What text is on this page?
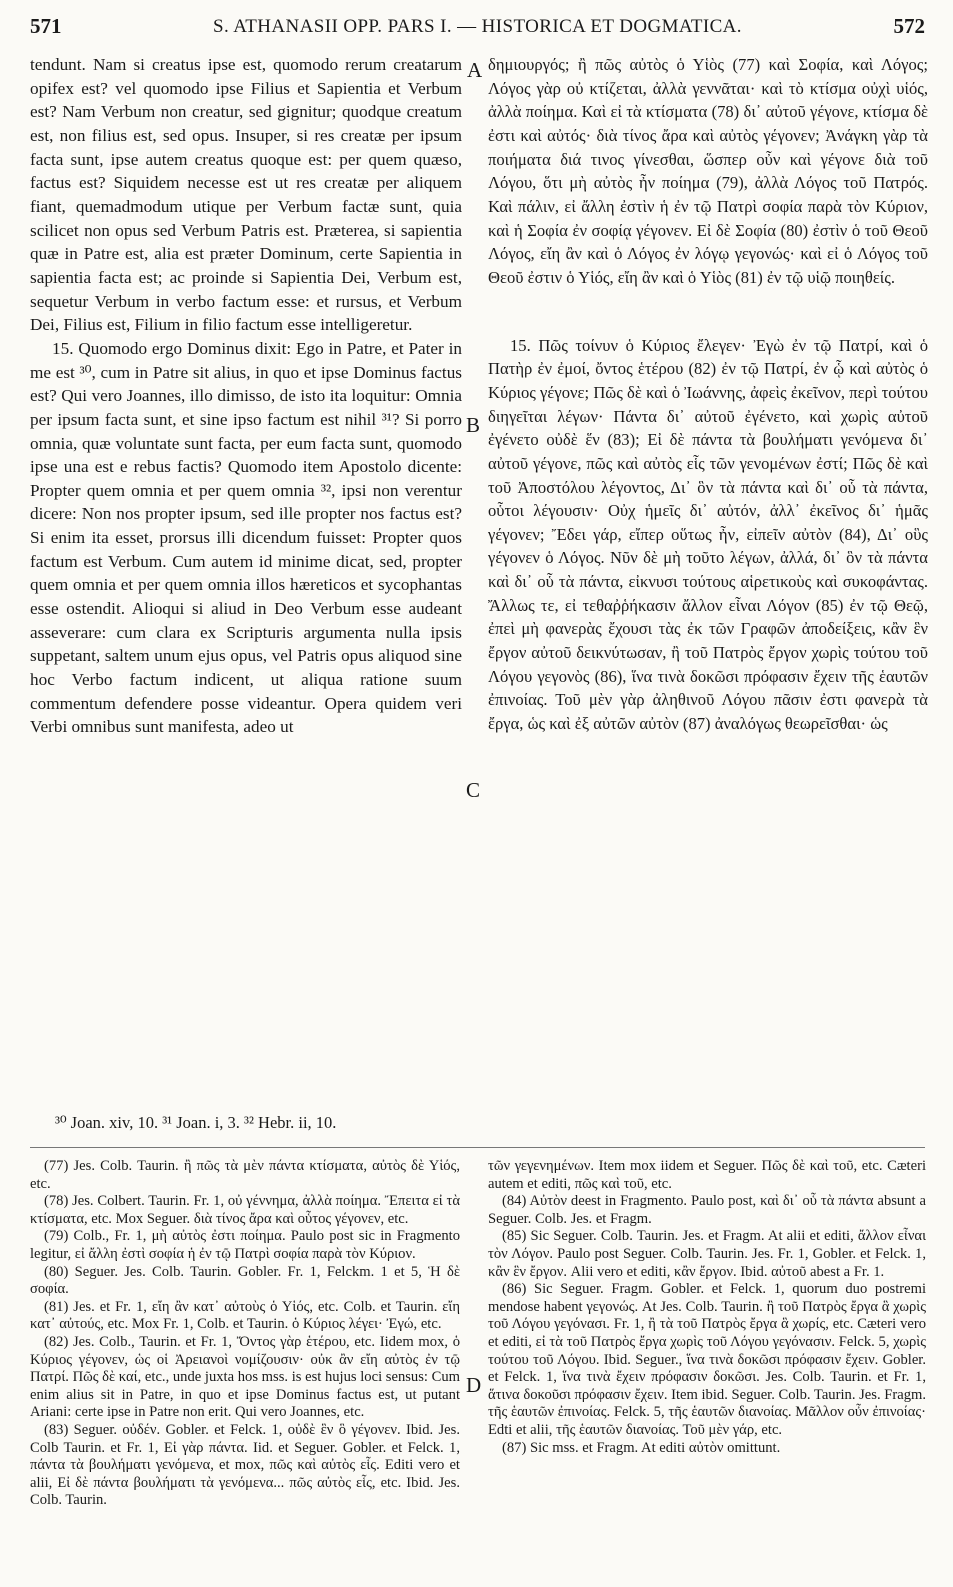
571	S. ATHANASII OPP. PARS I. — HISTORICA ET DOGMATICA.	572

tendunt. Nam si creatus ipse est, quomodo rerum creatarum opifex est? vel quomodo ipse Filius et Sapientia et Verbum est? Nam Verbum non creatur, sed gignitur; quodque creatum est, non filius est, sed opus. Insuper, si res creatæ per ipsum facta sunt, ipse autem creatus quoque est: per quem quæso, factus est? Siquidem necesse est ut res creatæ per aliquem fiant, quemadmodum utique per Verbum factæ sunt, quia scilicet non opus sed Verbum Patris est. Præterea, si sapientia quæ in Patre est, alia est præter Dominum, certe Sapientia in sapientia facta est; ac proinde si Sapientia Dei, Verbum est, sequetur Verbum in verbo factum esse: et rursus, et Verbum Dei, Filius est, Filium in filio factum esse intelligeretur.

15. Quomodo ergo Dominus dixit: Ego in Patre, et Pater in me est ³⁰, cum in Patre sit alius, in quo et ipse Dominus factus est? Qui vero Joannes, illo dimisso, de isto ita loquitur: Omnia per ipsum facta sunt, et sine ipso factum est nihil ³¹? Si porro omnia, quæ voluntate sunt facta, per eum facta sunt, quomodo ipse una est e rebus factis? Quomodo item Apostolo dicente: Propter quem omnia et per quem omnia ³², ipsi non verentur dicere: Non nos propter ipsum, sed ille propter nos factus est? Si enim ita esset, prorsus illi dicendum fuisset: Propter quos factum est Verbum. Cum autem id minime dicat, sed, propter quem omnia et per quem omnia illos hæreticos et sycophantas esse ostendit. Alioqui si aliud in Deo Verbum esse audeant asseverare: cum clara ex Scripturis argumenta nulla ipsis suppetant, saltem unum ejus opus, vel Patris opus aliquod sine hoc Verbo factum indicent, ut aliqua ratione suum commentum defendere posse videantur. Opera quidem veri Verbi omnibus sunt manifesta, adeo ut

δημιουργός; ἢ πῶς αὐτὸς ὁ Υἱὸς (77) καὶ Σοφία, καὶ Λόγος; Λόγος γὰρ οὐ κτίζεται, ἀλλὰ γεννᾶται· καὶ τὸ κτίσμα οὐχὶ υἱός, ἀλλὰ ποίημα. Καὶ εἰ τὰ κτίσματα (78) δι᾽ αὐτοῦ γέγονε, κτίσμα δὲ ἐστι καὶ αὐτός· διὰ τίνος ἄρα καὶ αὐτὸς γέγονεν; Ἀνάγκη γὰρ τὰ ποιήματα διά τινος γίνεσθαι, ὥσπερ οὖν καὶ γέγονε διὰ τοῦ Λόγου, ὅτι μὴ αὐτὸς ἦν ποίημα (79), ἀλλὰ Λόγος τοῦ Πατρός. Καὶ πάλιν, εἰ ἄλλη ἐστὶν ἡ ἐν τῷ Πατρὶ σοφία παρὰ τὸν Κύριον, καὶ ἡ Σοφία ἐν σοφίᾳ γέγονεν. Εἰ δὲ Σοφία (80) ἐστὶν ὁ τοῦ Θεοῦ Λόγος, εἴη ἂν καὶ ὁ Λόγος ἐν λόγῳ γεγονώς· καὶ εἰ ὁ Λόγος τοῦ Θεοῦ ἐστιν ὁ Υἱός, εἴη ἂν καὶ ὁ Υἱὸς (81) ἐν τῷ υἱῷ ποιηθείς.

15. Πῶς τοίνυν ὁ Κύριος ἔλεγεν· Ἐγὼ ἐν τῷ Πατρί, καὶ ὁ Πατὴρ ἐν ἐμοί, ὄντος ἑτέρου (82) ἐν τῷ Πατρί, ἐν ᾧ καὶ αὐτὸς ὁ Κύριος γέγονε; Πῶς δὲ καὶ ὁ Ἰωάννης, ἀφεὶς ἐκεῖνον, περὶ τούτου διηγεῖται λέγων· Πάντα δι᾽ αὐτοῦ ἐγένετο, καὶ χωρὶς αὐτοῦ ἐγένετο οὐδὲ ἕν (83); Εἰ δὲ πάντα τὰ βουλήματι γενόμενα δι᾽ αὐτοῦ γέγονε, πῶς καὶ αὐτὸς εἷς τῶν γενομένων ἐστί; Πῶς δὲ καὶ τοῦ Ἀποστόλου λέγοντος, Δι᾽ ὃν τὰ πάντα καὶ δι᾽ οὗ τὰ πάντα, οὗτοι λέγουσιν· Οὐχ ἡμεῖς δι᾽ αὐτόν, ἀλλ᾽ ἐκεῖνος δι᾽ ἡμᾶς γέγονεν; Ἔδει γάρ, εἴπερ οὕτως ἦν, εἰπεῖν αὐτὸν (84), Δι᾽ οὓς γέγονεν ὁ Λόγος. Νῦν δὲ μὴ τοῦτο λέγων, ἀλλά, δι᾽ ὃν τὰ πάντα καὶ δι᾽ οὗ τὰ πάντα, εἰκνυσι τούτους αἱρετικοὺς καὶ συκοφάντας. Ἄλλως τε, εἰ τεθαῤῥήκασιν ἄλλον εἶναι Λόγον (85) ἐν τῷ Θεῷ, ἐπεὶ μὴ φανερὰς ἔχουσι τὰς ἐκ τῶν Γραφῶν ἀποδείξεις, κἂν ἓν ἔργον αὐτοῦ δεικνύτωσαν, ἢ τοῦ Πατρὸς ἔργον χωρὶς τούτου τοῦ Λόγου γεγονὸς (86), ἵνα τινὰ δοκῶσι πρόφασιν ἔχειν τῆς ἑαυτῶν ἐπινοίας. Τοῦ μὲν γὰρ ἀληθινοῦ Λόγου πᾶσιν ἐστι φανερὰ τὰ ἔργα, ὡς καὶ ἐξ αὐτῶν αὐτὸν (87) ἀναλόγως θεωρεῖσθαι· ὡς

A
B
C
D
³⁰ Joan. xiv, 10. ³¹ Joan. i, 3. ³² Hebr. ii, 10.

(77) Jes. Colb. Taurin. ἢ πῶς τὰ μὲν πάντα κτίσματα, αὐτὸς δὲ Υἱός, etc.

(78) Jes. Colbert. Taurin. Fr. 1, οὐ γέννημα, ἀλλὰ ποίημα. Ἔπειτα εἰ τὰ κτίσματα, etc. Mox Seguer. διὰ τίνος ἄρα καὶ οὗτος γέγονεν, etc.

(79) Colb., Fr. 1, μὴ αὐτὸς ἐστι ποίημα. Paulo post sic in Fragmento legitur, εἰ ἄλλη ἐστὶ σοφία ἡ ἐν τῷ Πατρὶ σοφία παρὰ τὸν Κύριον.

(80) Seguer. Jes. Colb. Taurin. Gobler. Fr. 1, Felckm. 1 et 5, Ἡ δὲ σοφία.

(81) Jes. et Fr. 1, εἴη ἂν κατ᾽ αὐτοὺς ὁ Υἱός, etc. Colb. et Taurin. εἴη κατ᾽ αὐτούς, etc. Mox Fr. 1, Colb. et Taurin. ὁ Κύριος λέγει· Ἐγώ, etc.

(82) Jes. Colb., Taurin. et Fr. 1, Ὄντος γὰρ ἑτέρου, etc. Iidem mox, ὁ Κύριος γέγονεν, ὡς οἱ Ἀρειανοὶ νομίζουσιν· οὐκ ἂν εἴη αὐτὸς ἐν τῷ Πατρί. Πῶς δὲ καί, etc., unde juxta hos mss. is est hujus loci sensus: Cum enim alius sit in Patre, in quo et ipse Dominus factus est, ut putant Ariani: certe ipse in Patre non erit. Qui vero Joannes, etc.

(83) Seguer. οὐδέν. Gobler. et Felck. 1, οὐδὲ ἓν ὃ γέγονεν. Ibid. Jes. Colb Taurin. et Fr. 1, Εἰ γὰρ πάντα. Iid. et Seguer. Gobler. et Felck. 1, πάντα τὰ βουλήματι γενόμενα, et mox, πῶς καὶ αὐτὸς εἷς. Editi vero et alii, Εἰ δὲ πάντα βουλήματι τὰ γενόμενα... πῶς αὐτὸς εἷς, etc. Ibid. Jes. Colb. Taurin.

τῶν γεγενημένων. Item mox iidem et Seguer. Πῶς δὲ καὶ τοῦ, etc. Cæteri autem et editi, πῶς καὶ τοῦ, etc.

(84) Αὐτὸν deest in Fragmento. Paulo post, καὶ δι᾽ οὗ τὰ πάντα absunt a Seguer. Colb. Jes. et Fragm.

(85) Sic Seguer. Colb. Taurin. Jes. et Fragm. At alii et editi, ἄλλον εἶναι τὸν Λόγον. Paulo post Seguer. Colb. Taurin. Jes. Fr. 1, Gobler. et Felck. 1, κἂν ἓν ἔργον. Alii vero et editi, κἂν ἔργον. Ibid. αὐτοῦ abest a Fr. 1.

(86) Sic Seguer. Fragm. Gobler. et Felck. 1, quorum duo postremi mendose habent γεγονώς. At Jes. Colb. Taurin. ἢ τοῦ Πατρὸς ἔργα ἃ χωρὶς τοῦ Λόγου γεγόνασι. Fr. 1, ἢ τὰ τοῦ Πατρὸς ἔργα ἃ χωρίς, etc. Cæteri vero et editi, εἰ τὰ τοῦ Πατρὸς ἔργα χωρὶς τοῦ Λόγου γεγόνασιν. Felck. 5, χωρὶς τούτου τοῦ Λόγου. Ibid. Seguer., ἵνα τινὰ δοκῶσι πρόφασιν ἔχειν. Gobler. et Felck. 1, ἵνα τινὰ ἔχειν πρόφασιν δοκῶσι. Jes. Colb. Taurin. et Fr. 1, ἅτινα δοκοῦσι πρόφασιν ἔχειν. Item ibid. Seguer. Colb. Taurin. Jes. Fragm. τῆς ἑαυτῶν ἐπινοίας. Felck. 5, τῆς ἑαυτῶν διανοίας. Μᾶλλον οὖν ἐπινοίας· Edti et alii, τῆς ἑαυτῶν διανοίας. Τοῦ μὲν γάρ, etc.

(87) Sic mss. et Fragm. At editi αὐτὸν omittunt.
